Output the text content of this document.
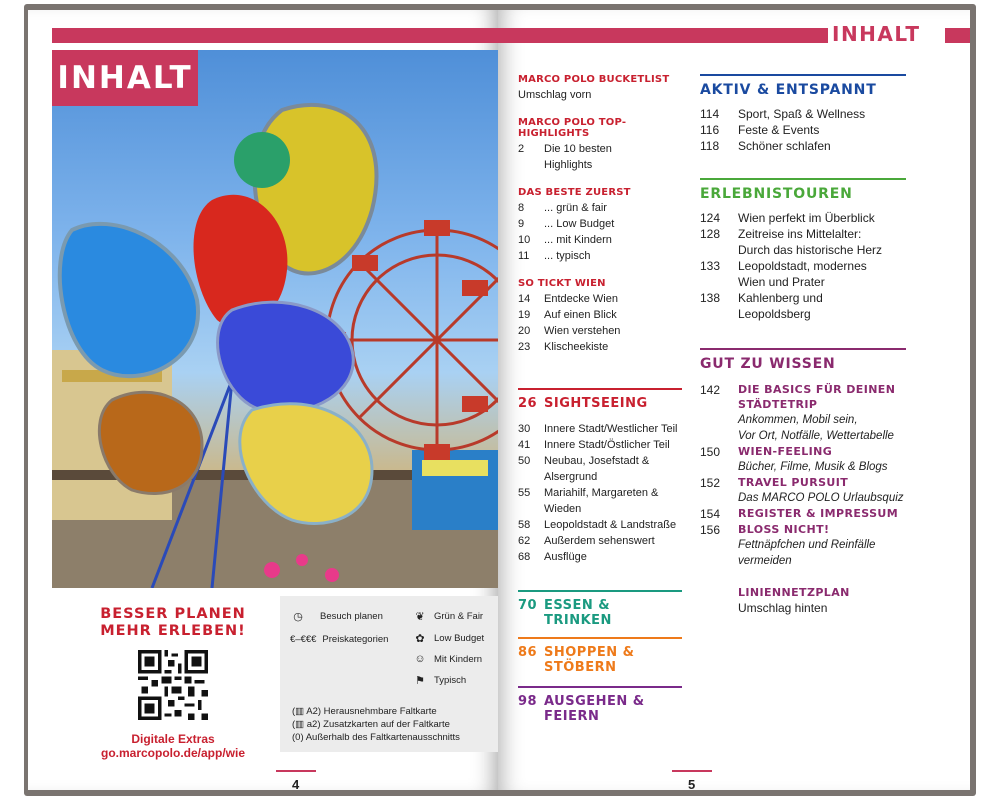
INHALT
BESSER PLANEN
MEHR ERLEBEN!
Digitale Extras
go.marcopolo.de/app/wie
◷	Besuch planen
€–€€€ Preiskategorien
❦ Grün & Fair
✿ Low Budget
☺ Mit Kindern
⚑ Typisch
(▥ A2) Herausnehmbare Faltkarte
(▥ a2) Zusatzkarten auf der Faltkarte
(0) Außerhalb des Faltkartenausschnitts
4
INHALT
MARCO POLO BUCKETLIST
Umschlag vorn
MARCO POLO TOP-HIGHLIGHTS
2	Die 10 besten
Highlights
DAS BESTE ZUERST
8	... grün & fair
9	... Low Budget
10	... mit Kindern
11	... typisch
SO TICKT WIEN
14	Entdecke Wien
19	Auf einen Blick
20	Wien verstehen
23	Klischeekiste
26 SIGHTSEEING
30	Innere Stadt/Westlicher Teil
41	Innere Stadt/Östlicher Teil
50	Neubau, Josefstadt &
Alsergrund
55	Mariahilf, Margareten &
Wieden
58	Leopoldstadt & Landstraße
62	Außerdem sehenswert
68	Ausflüge
70 ESSEN & TRINKEN
86 SHOPPEN & STÖBERN
98 AUSGEHEN & FEIERN
AKTIV & ENTSPANNT
114	Sport, Spaß & Wellness
116	Feste & Events
118	Schöner schlafen
ERLEBNISTOUREN
124	Wien perfekt im Überblick
128	Zeitreise ins Mittelalter:
Durch das historische Herz
133	Leopoldstadt, modernes
Wien und Prater
138	Kahlenberg und
Leopoldsberg
GUT ZU WISSEN
142	DIE BASICS FÜR DEINEN
STÄDTETRIP
Ankommen, Mobil sein,
Vor Ort, Notfälle, Wettertabelle
150	WIEN-FEELING
Bücher, Filme, Musik & Blogs
152	TRAVEL PURSUIT
Das MARCO POLO Urlaubsquiz
154	REGISTER & IMPRESSUM
156	BLOSS NICHT!
Fettnäpfchen und Reinfälle
vermeiden
LINIENNETZPLAN
Umschlag hinten
5
